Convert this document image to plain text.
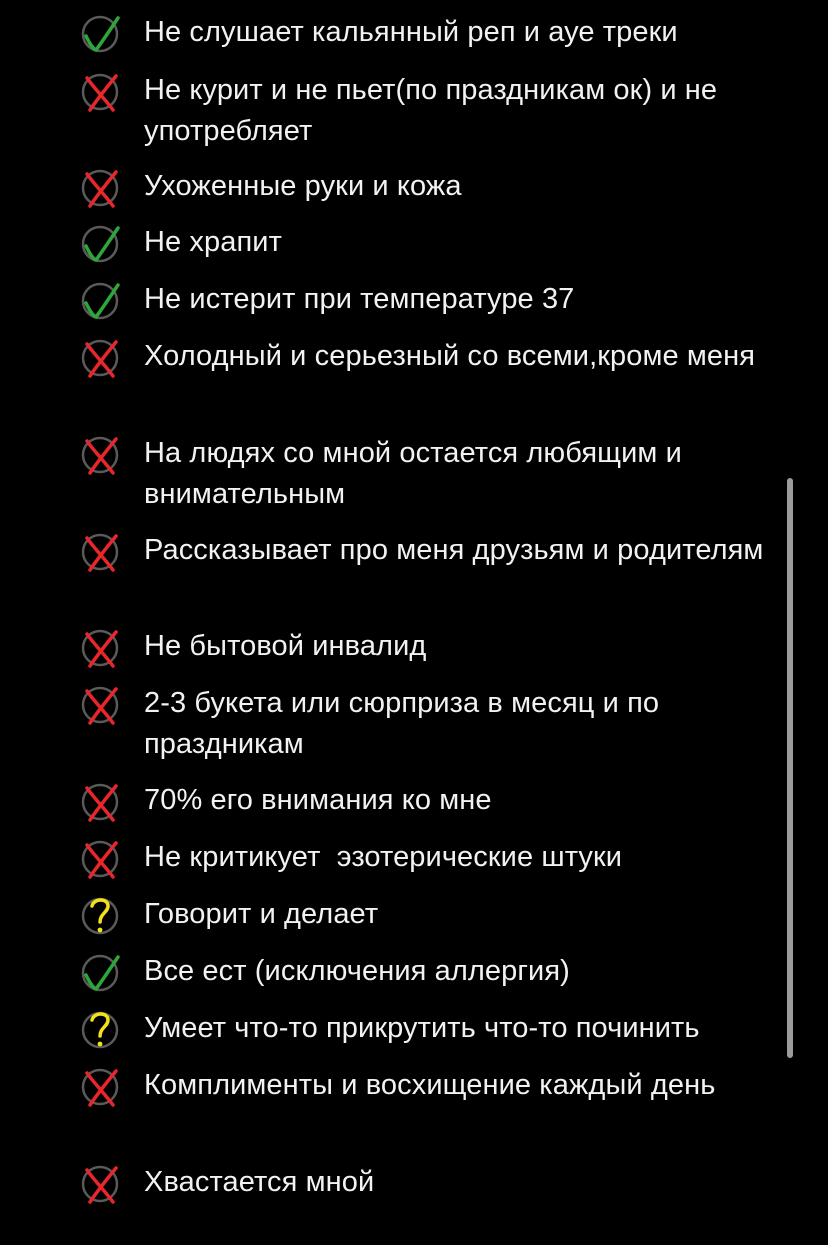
Не слушает кальянный реп и ауе треки
Не курит и не пьет(по праздникам ок) и не употребляет
Ухоженные руки и кожа
Не храпит
Не истерит при температуре 37
Холодный и серьезный со всеми,кроме меня
На людях со мной остается любящим и внимательным
Рассказывает про меня друзьям и родителям
Не бытовой инвалид
2-3 букета или сюрприза в месяц и по праздникам
70% его внимания ко мне
Не критикует  эзотерические штуки
Говорит и делает
Все ест (исключения аллергия)
Умеет что-то прикрутить что-то починить
Комплименты и восхищение каждый день
Хвастается мной
